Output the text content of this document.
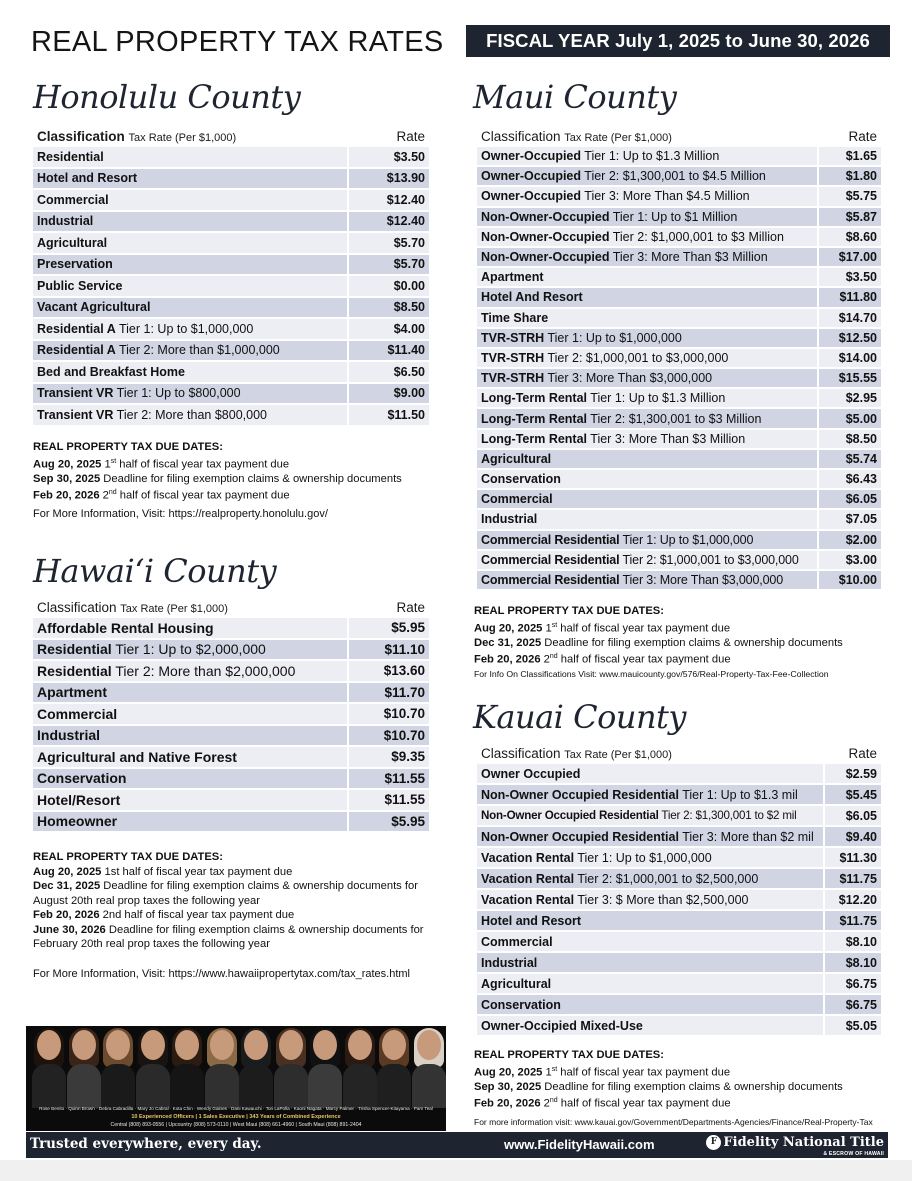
REAL PROPERTY TAX RATES	FISCAL YEAR July 1, 2025 to June 30, 2026
Honolulu County
Classification Tax Rate (Per $1,000)	Rate
Residential	$3.50
Hotel and Resort	$13.90
Commercial	$12.40
Industrial	$12.40
Agricultural	$5.70
Preservation	$5.70
Public Service	$0.00
Vacant Agricultural	$8.50
Residential A Tier 1: Up to $1,000,000	$4.00
Residential A Tier 2: More than $1,000,000	$11.40
Bed and Breakfast Home	$6.50
Transient VR Tier 1: Up to $800,000	$9.00
Transient VR Tier 2: More than $800,000	$11.50
REAL PROPERTY TAX DUE DATES:
Aug 20, 2025 1st half of fiscal year tax payment due
Sep 30, 2025 Deadline for filing exemption claims & ownership documents
Feb 20, 2026 2nd half of fiscal year tax payment due
For More Information, Visit: https://realproperty.honolulu.gov/
Hawai‘i County
Classification Tax Rate (Per $1,000)	Rate
Affordable Rental Housing	$5.95
Residential Tier 1: Up to $2,000,000	$11.10
Residential Tier 2: More than $2,000,000	$13.60
Apartment	$11.70
Commercial	$10.70
Industrial	$10.70
Agricultural and Native Forest	$9.35
Conservation	$11.55
Hotel/Resort	$11.55
Homeowner	$5.95
REAL PROPERTY TAX DUE DATES:
Aug 20, 2025 1st half of fiscal year tax payment due
Dec 31, 2025 Deadline for filing exemption claims & ownership documents for August 20th real prop taxes the following year
Feb 20, 2026 2nd half of fiscal year tax payment due
June 30, 2026 Deadline for filing exemption claims & ownership documents for February 20th real prop taxes the following year
For More Information, Visit: https://www.hawaiipropertytax.com/tax_rates.html
Maui County
Classification Tax Rate (Per $1,000)	Rate
Owner-Occupied Tier 1: Up to $1.3 Million	$1.65
Owner-Occupied Tier 2: $1,300,001 to $4.5 Million	$1.80
Owner-Occupied Tier 3: More Than $4.5 Million	$5.75
Non-Owner-Occupied Tier 1: Up to $1 Million	$5.87
Non-Owner-Occupied Tier 2: $1,000,001 to $3 Million	$8.60
Non-Owner-Occupied Tier 3: More Than $3 Million	$17.00
Apartment	$3.50
Hotel And Resort	$11.80
Time Share	$14.70
TVR-STRH Tier 1: Up to $1,000,000	$12.50
TVR-STRH Tier 2: $1,000,001 to $3,000,000	$14.00
TVR-STRH Tier 3: More Than $3,000,000	$15.55
Long-Term Rental Tier 1: Up to $1.3 Million	$2.95
Long-Term Rental Tier 2: $1,300,001 to $3 Million	$5.00
Long-Term Rental Tier 3: More Than $3 Million	$8.50
Agricultural	$5.74
Conservation	$6.43
Commercial	$6.05
Industrial	$7.05
Commercial Residential Tier 1: Up to $1,000,000	$2.00
Commercial Residential Tier 2: $1,000,001 to $3,000,000	$3.00
Commercial Residential Tier 3: More Than $3,000,000	$10.00
REAL PROPERTY TAX DUE DATES:
Aug 20, 2025 1st half of fiscal year tax payment due
Dec 31, 2025 Deadline for filing exemption claims & ownership documents
Feb 20, 2026 2nd half of fiscal year tax payment due
For Info On Classifications Visit: www.mauicounty.gov/576/Real-Property-Tax-Fee-Collection
Kauai County
Classification Tax Rate (Per $1,000)	Rate
Owner Occupied	$2.59
Non-Owner Occupied Residential Tier 1: Up to $1.3 mil	$5.45
Non-Owner Occupied Residential Tier 2: $1,300,001 to $2 mil	$6.05
Non-Owner Occupied Residential Tier 3: More than $2 mil	$9.40
Vacation Rental Tier 1: Up to $1,000,000	$11.30
Vacation Rental Tier 2: $1,000,001 to $2,500,000	$11.75
Vacation Rental Tier 3: $ More than $2,500,000	$12.20
Hotel and Resort	$11.75
Commercial	$8.10
Industrial	$8.10
Agricultural	$6.75
Conservation	$6.75
Owner-Occipied Mixed-Use	$5.05
REAL PROPERTY TAX DUE DATES:
Aug 20, 2025 1st half of fiscal year tax payment due
Sep 30, 2025 Deadline for filing exemption claims & ownership documents
Feb 20, 2026 2nd half of fiscal year tax payment due
For more information visit: www.kauai.gov/Government/Departments-Agencies/Finance/Real-Property-Tax
Rose Benito · Quinn Brown · Debra Cabradilla · Mary Jo Cabral · Kota Chin · Wendy Gaines · Dani Kawauchi · Tori LaPolla · Kaoni Nagata · Marcy Palmer · Trisha Spencer-Kitayama · Pam Teal
10 Experienced Officers | 1 Sales Executive | 343 Years of Combined Experience
Central (808) 893-0556 | Upcountry (808) 573-0110 | West Maui (808) 661-4960 | South Maui (808) 891-2404
Trusted everywhere, every day.	www.FidelityHawaii.com	F $^{Fidelity National Title}$
& ESCROW OF HAWAII
